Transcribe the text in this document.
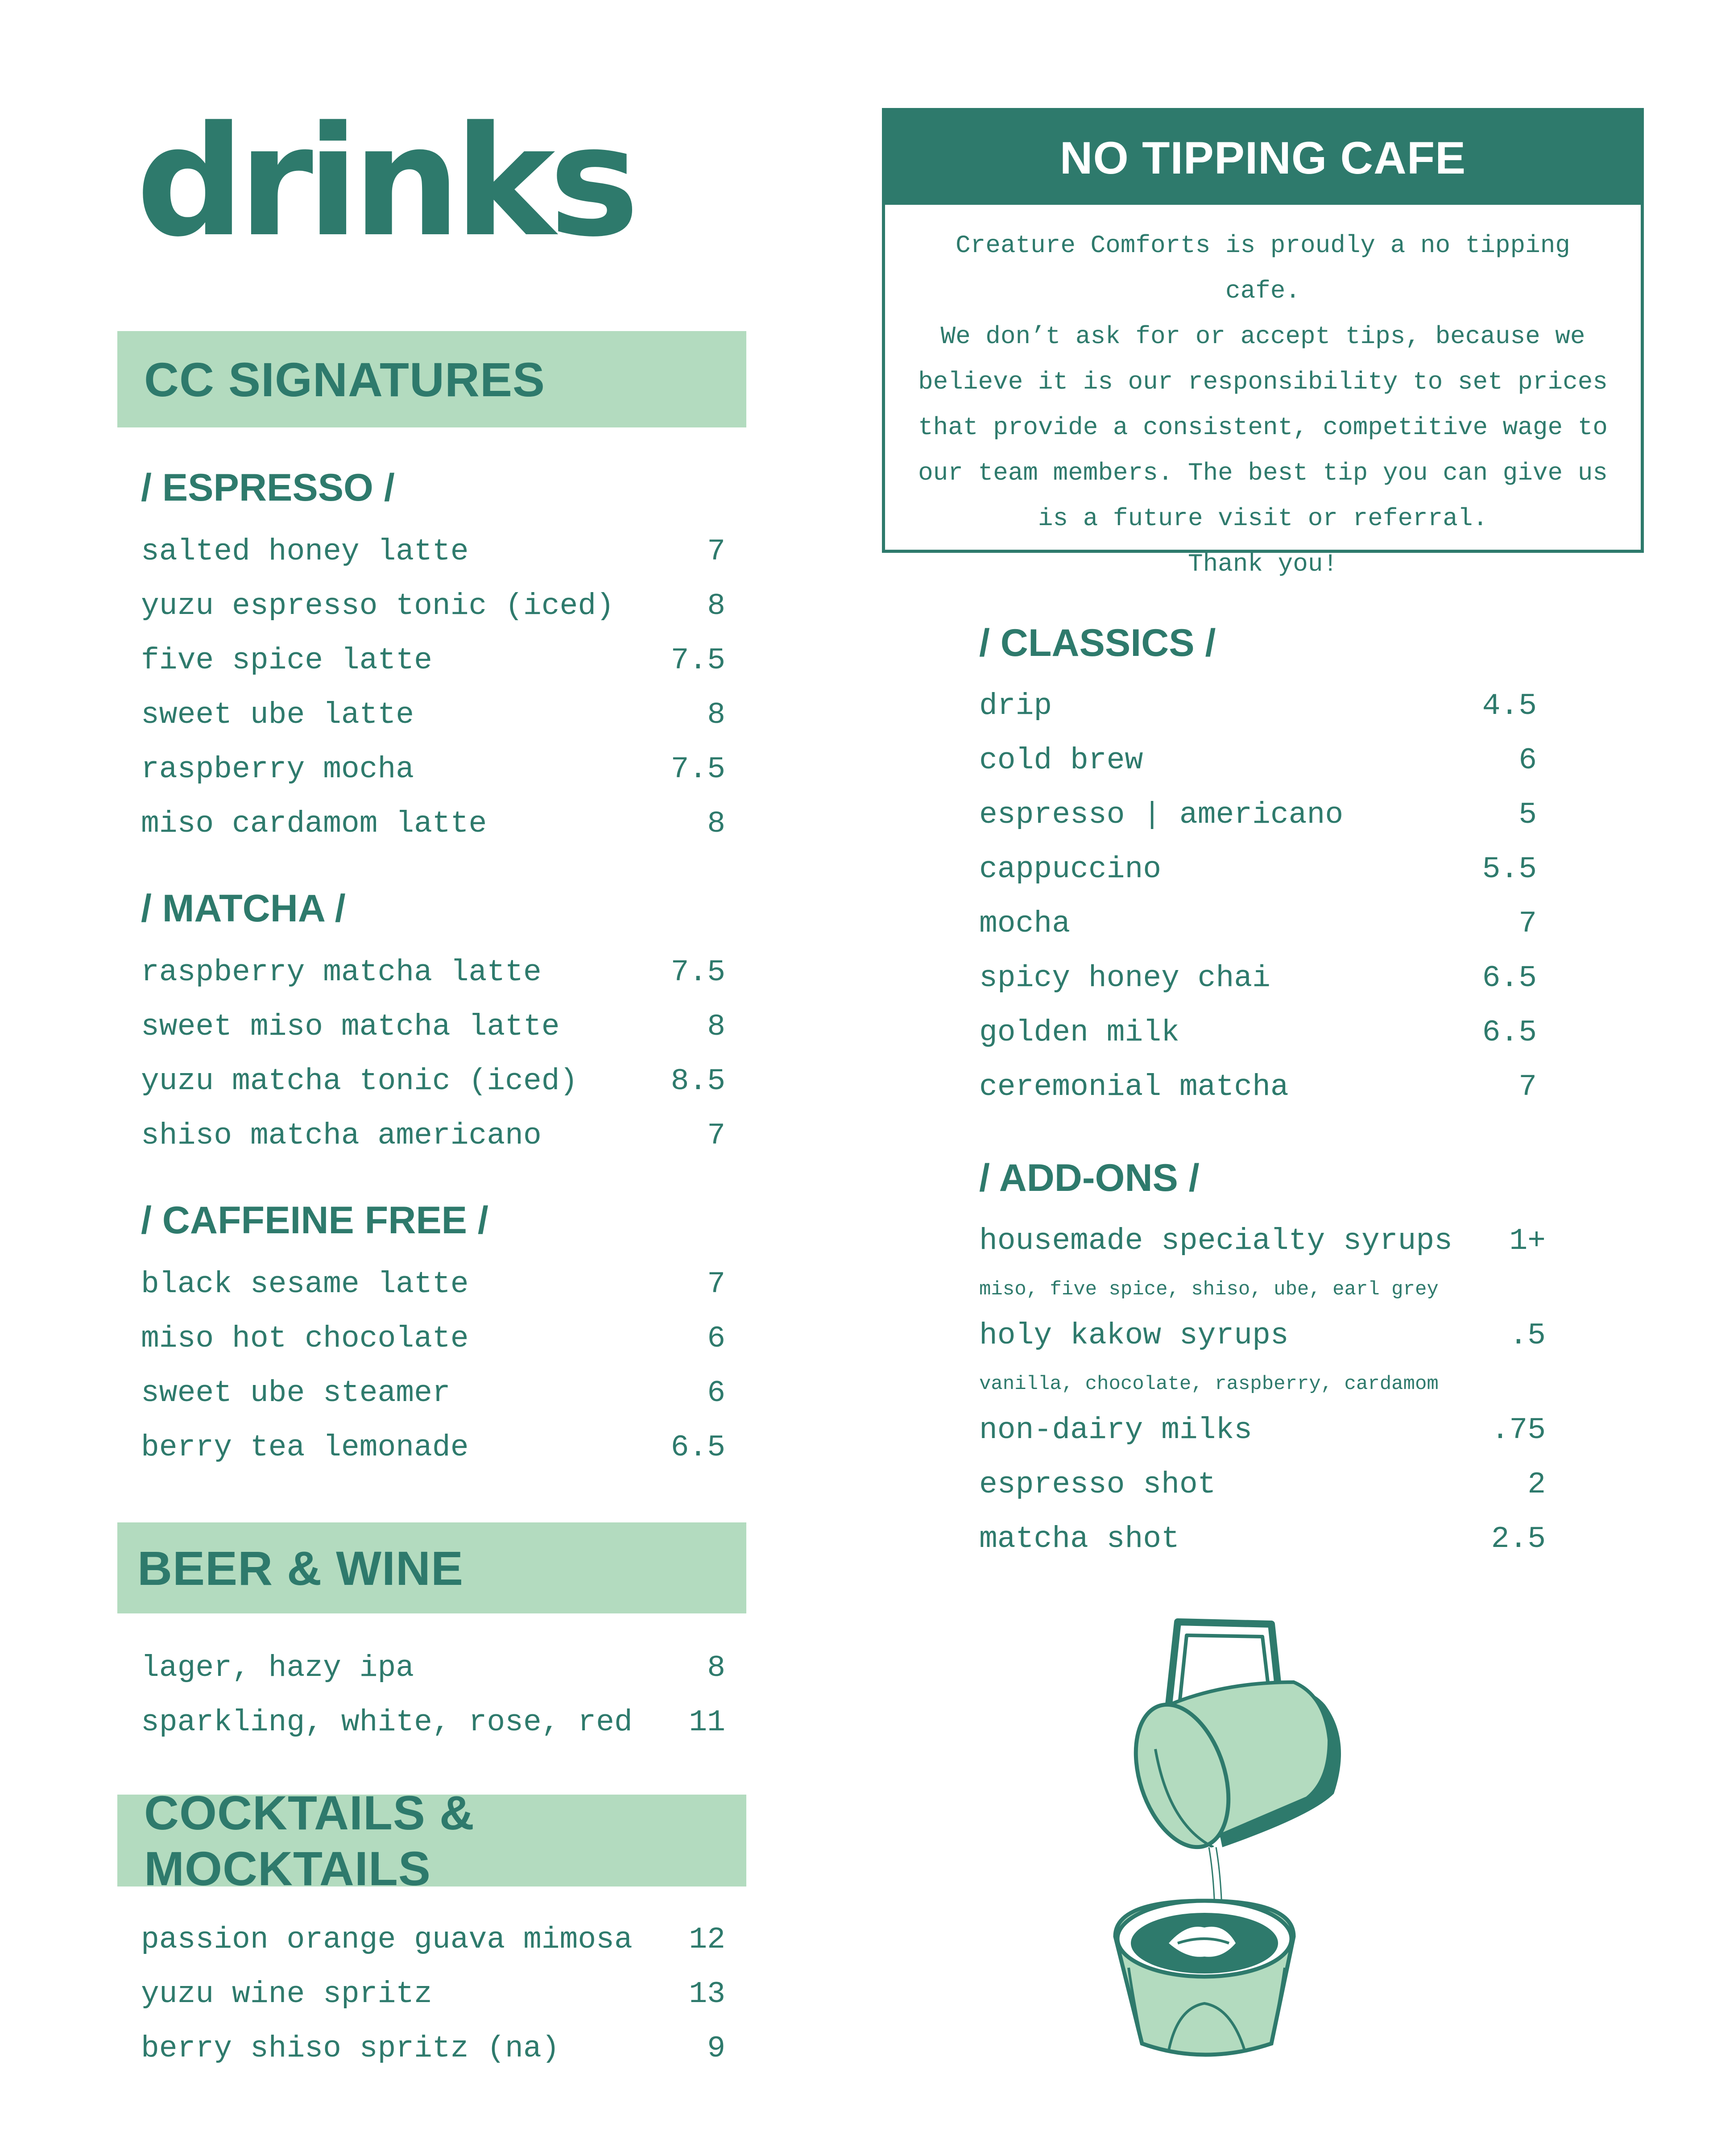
drinks	NO TIPPING CAFE
Creature Comforts is proudly a no tipping cafe.
We don’t ask for or accept tips, because we
believe it is our responsibility to set prices
that provide a consistent, competitive wage to
our team members. The best tip you can give us
is a future visit or referral.
Thank you!
CC SIGNATURES
/ ESPRESSO /
salted honey latte	7
yuzu espresso tonic (iced)	8
five spice latte	7.5
sweet ube latte	8
raspberry mocha	7.5
miso cardamom latte	8
/ MATCHA /
raspberry matcha latte	7.5
sweet miso matcha latte	8
yuzu matcha tonic (iced)	8.5
shiso matcha americano	7
/ CAFFEINE FREE /
black sesame latte	7
miso hot chocolate	6
sweet ube steamer	6
berry tea lemonade	6.5
BEER & WINE
lager, hazy ipa	8
sparkling, white, rose, red 11
COCKTAILS & MOCKTAILS
passion orange guava mimosa 12
yuzu wine spritz	13
berry shiso spritz (na)	9
/ CLASSICS /
drip	4.5
cold brew	6
espresso | americano	5
cappuccino	5.5
mocha	7
spicy honey chai	6.5
golden milk	6.5
ceremonial matcha	7
/ ADD-ONS /
housemade specialty syrups 1+
miso, five spice, shiso, ube, earl grey
holy kakow syrups	.5
vanilla, chocolate, raspberry, cardamom
non-dairy milks	.75
espresso shot	2
matcha shot	2.5
